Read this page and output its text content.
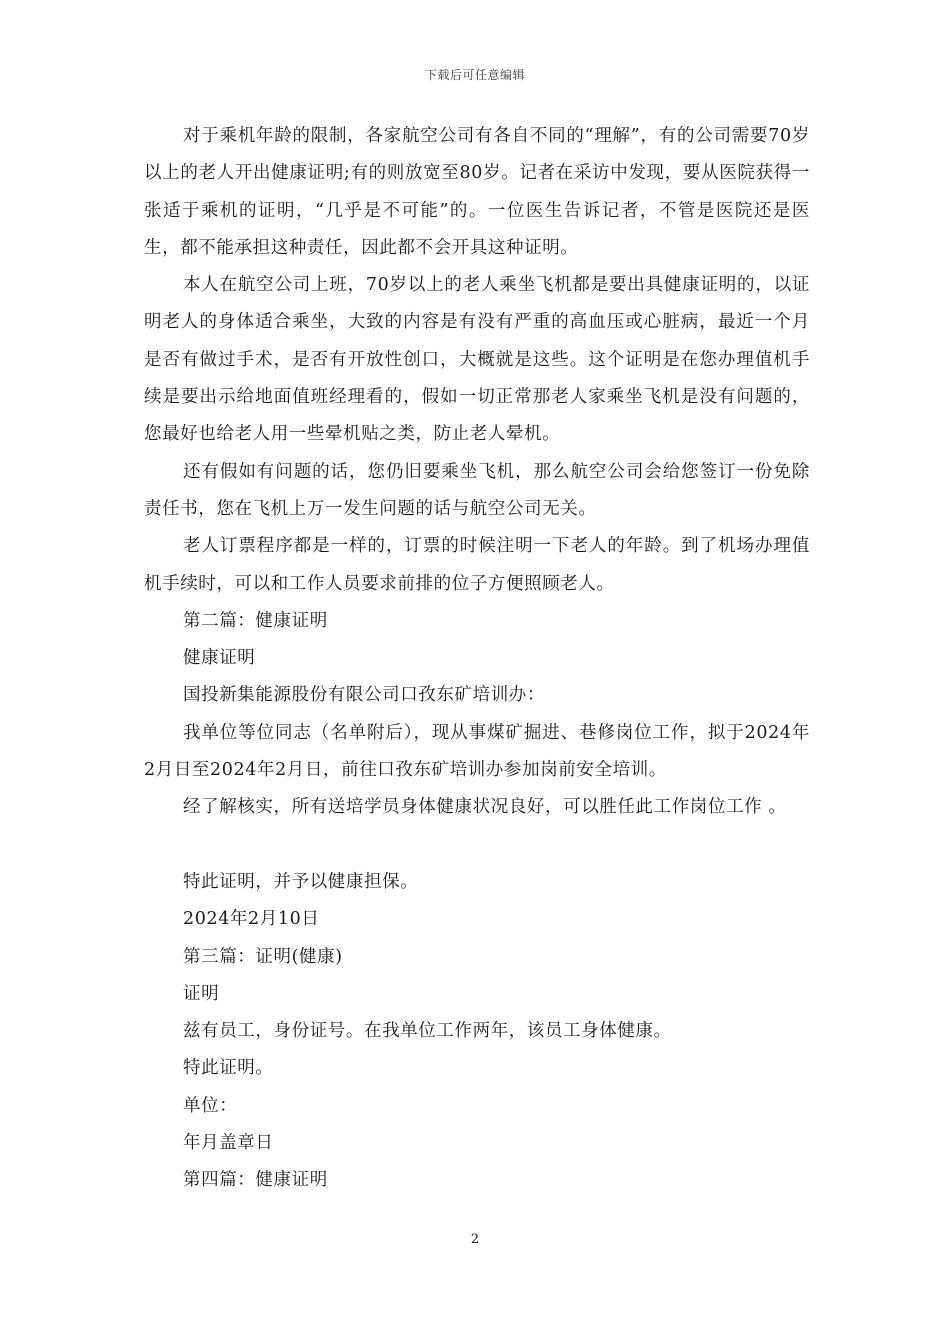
下载后可任意编辑

对于乘机年龄的限制，各家航空公司有各自不同的“理解”，有的公司需要70岁以上的老人开出健康证明;有的则放宽至80岁。记者在采访中发现，要从医院获得一张适于乘机的证明，“几乎是不可能”的。一位医生告诉记者，不管是医院还是医生，都不能承担这种责任，因此都不会开具这种证明。

本人在航空公司上班，70岁以上的老人乘坐飞机都是要出具健康证明的，以证明老人的身体适合乘坐，大致的内容是有没有严重的高血压或心脏病，最近一个月是否有做过手术，是否有开放性创口，大概就是这些。这个证明是在您办理值机手续是要出示给地面值班经理看的，假如一切正常那老人家乘坐飞机是没有问题的，您最好也给老人用一些晕机贴之类，防止老人晕机。

还有假如有问题的话，您仍旧要乘坐飞机，那么航空公司会给您签订一份免除责任书，您在飞机上万一发生问题的话与航空公司无关。

老人订票程序都是一样的，订票的时候注明一下老人的年龄。到了机场办理值机手续时，可以和工作人员要求前排的位子方便照顾老人。

第二篇：健康证明

健康证明

国投新集能源股份有限公司口孜东矿培训办：

我单位等位同志（名单附后），现从事煤矿掘进、巷修岗位工作，拟于2024年2月日至2024年2月日，前往口孜东矿培训办参加岗前安全培训。

经了解核实，所有送培学员身体健康状况良好，可以胜任此工作岗位工作 。

特此证明，并予以健康担保。

2024年2月10日

第三篇：证明(健康)

证明

兹有员工，身份证号。在我单位工作两年，该员工身体健康。

特此证明。

单位：

年月盖章日

第四篇：健康证明

2
